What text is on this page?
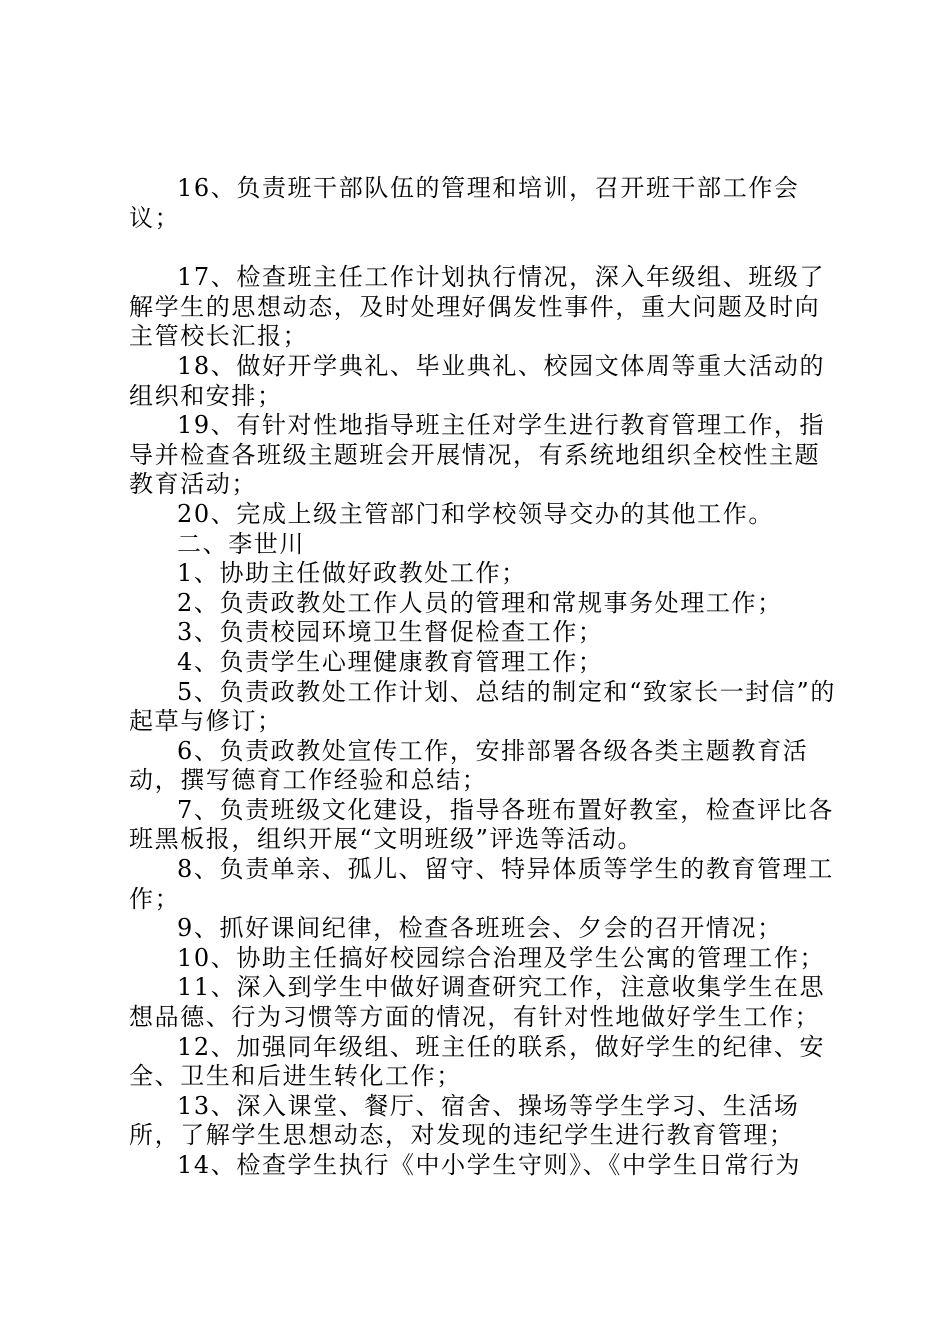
16、负责班干部队伍的管理和培训，召开班干部工作会议；

17、检查班主任工作计划执行情况，深入年级组、班级了解学生的思想动态，及时处理好偶发性事件，重大问题及时向主管校长汇报；

18、做好开学典礼、毕业典礼、校园文体周等重大活动的组织和安排；

19、有针对性地指导班主任对学生进行教育管理工作，指导并检查各班级主题班会开展情况，有系统地组织全校性主题教育活动；

20、完成上级主管部门和学校领导交办的其他工作。

二、李世川

1、协助主任做好政教处工作；

2、负责政教处工作人员的管理和常规事务处理工作；

3、负责校园环境卫生督促检查工作；

4、负责学生心理健康教育管理工作；

5、负责政教处工作计划、总结的制定和“致家长一封信”的起草与修订；

6、负责政教处宣传工作，安排部署各级各类主题教育活动，撰写德育工作经验和总结；

7、负责班级文化建设，指导各班布置好教室，检查评比各班黑板报，组织开展“文明班级”评选等活动。

8、负责单亲、孤儿、留守、特异体质等学生的教育管理工作；

9、抓好课间纪律，检查各班班会、夕会的召开情况；

10、协助主任搞好校园综合治理及学生公寓的管理工作；

11、深入到学生中做好调查研究工作，注意收集学生在思想品德、行为习惯等方面的情况，有针对性地做好学生工作；

12、加强同年级组、班主任的联系，做好学生的纪律、安全、卫生和后进生转化工作；

13、深入课堂、餐厅、宿舍、操场等学生学习、生活场所，了解学生思想动态，对发现的违纪学生进行教育管理；

14、检查学生执行《中小学生守则》、《中学生日常行为
